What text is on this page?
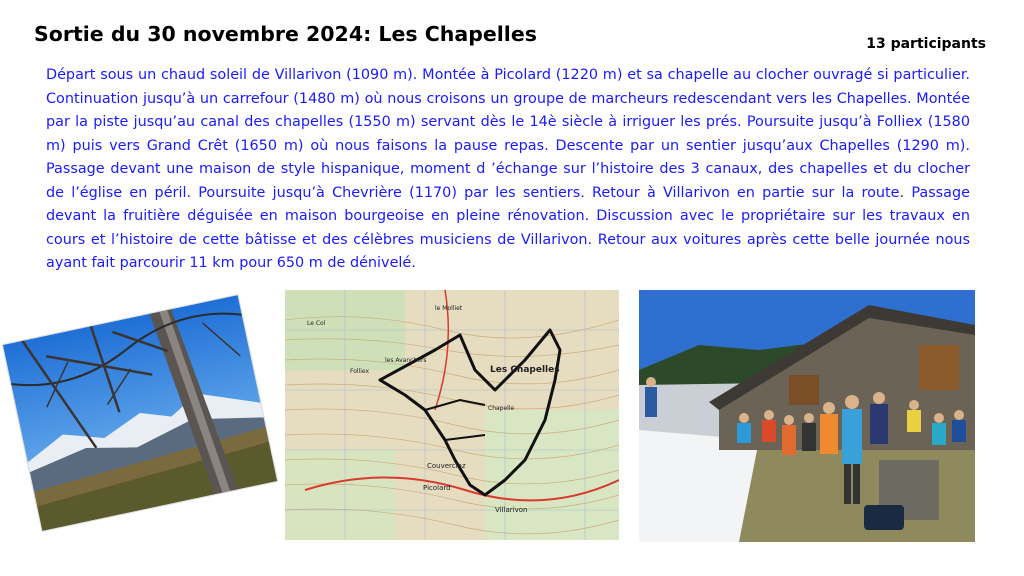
Sortie du 30 novembre 2024: Les Chapelles	13 participants

Départ sous un chaud soleil de Villarivon (1090 m). Montée à Picolard (1220 m) et sa chapelle au clocher ouvragé si particulier. Continuation jusqu’à un carrefour (1480 m) où nous croisons un groupe de marcheurs redescendant vers les Chapelles. Montée par la piste jusqu’au canal des chapelles (1550 m) servant dès le 14è siècle à irriguer les prés. Poursuite jusqu’à Folliex (1580 m) puis vers Grand Crêt (1650 m) où nous faisons la pause repas. Descente par un sentier jusqu’aux Chapelles (1290 m). Passage devant une maison de style hispanique, moment d ’échange sur l’histoire des 3 canaux, des chapelles et du clocher de l’église en péril. Poursuite jusqu’à Chevrière (1170) par les sentiers. Retour à Villarivon en partie sur la route. Passage devant la fruitière déguisée en maison bourgeoise en pleine rénovation. Discussion avec le propriétaire sur les travaux en cours et l’histoire de cette bâtisse et des célèbres musiciens de Villarivon. Retour aux voitures après cette belle journée nous ayant fait parcourir 11 km pour 650 m de dénivelé.

Les Chapelles
Couverclaz
Picolard
Villarivon
Folliex
Le Col
les Avanchers
le Molliet
Chapelle
